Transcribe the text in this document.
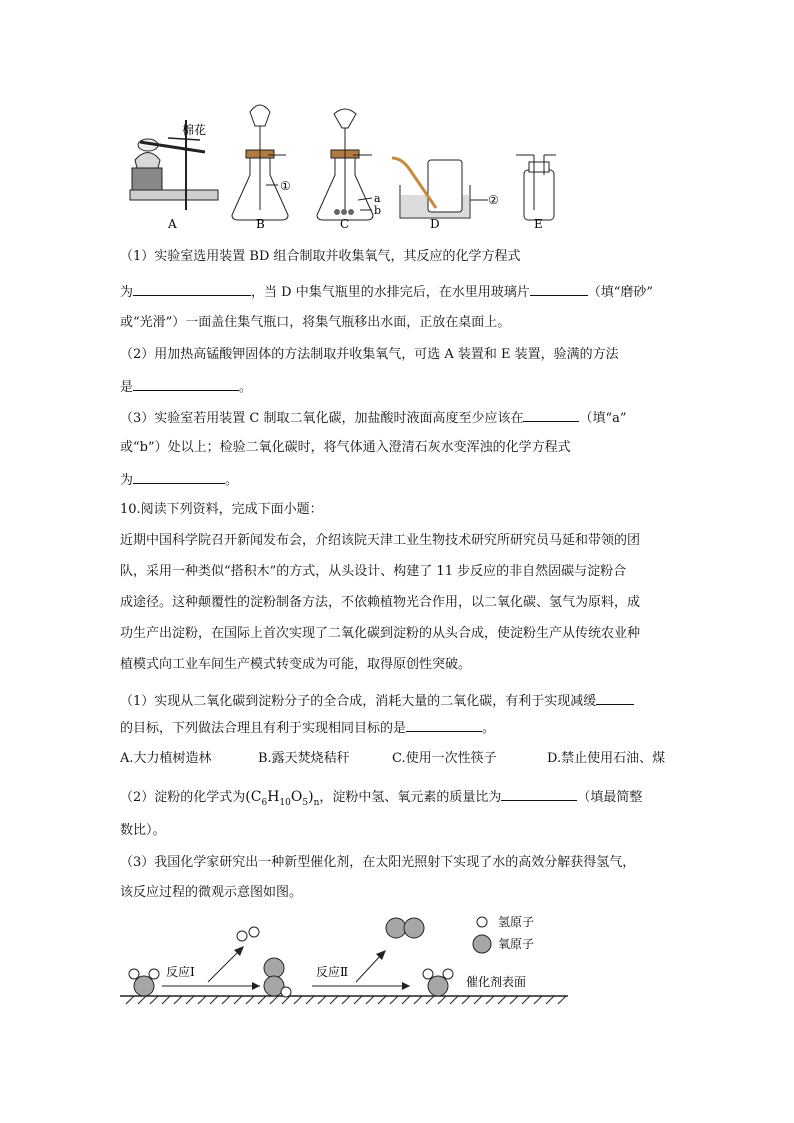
棉花
A
①
B
a
b
C
②
D	E
（1）实验室选用装置 BD 组合制取并收集氧气，其反应的化学方程式
为	，当 D 中集气瓶里的水排完后，在水里用玻璃片	（填“磨砂”
或“光滑”）一面盖住集气瓶口，将集气瓶移出水面，正放在桌面上。
（2）用加热高锰酸钾固体的方法制取并收集氧气，可选 A 装置和 E 装置，验满的方法
是	。
（3）实验室若用装置 C 制取二氧化碳，加盐酸时液面高度至少应该在	（填“a”
或“b”）处以上；检验二氧化碳时，将气体通入澄清石灰水变浑浊的化学方程式
为	。
10.阅读下列资料，完成下面小题：
近期中国科学院召开新闻发布会，介绍该院天津工业生物技术研究所研究员马延和带领的团
队，采用一种类似“搭积木”的方式，从头设计、构建了 11 步反应的非自然固碳与淀粉合
成途径。这种颠覆性的淀粉制备方法，不依赖植物光合作用，以二氧化碳、氢气为原料，成
功生产出淀粉，在国际上首次实现了二氧化碳到淀粉的从头合成，使淀粉生产从传统农业种
植模式向工业车间生产模式转变成为可能，取得原创性突破。
（1）实现从二氧化碳到淀粉分子的全合成，消耗大量的二氧化碳，有利于实现减缓
的目标，下列做法合理且有利于实现相同目标的是	。
A.大力植树造林	B.露天焚烧秸秆	C.使用一次性筷子	D.禁止使用石油、煤
（2）淀粉的化学式为$(C_6H_{10}O_5)_n$，淀粉中氢、氧元素的质量比为	（填最简整
数比）。
（3）我国化学家研究出一种新型催化剂，在太阳光照射下实现了水的高效分解获得氢气，
该反应过程的微观示意图如图。
反应Ⅰ	反应Ⅱ
氢原子
氧原子
催化剂表面
